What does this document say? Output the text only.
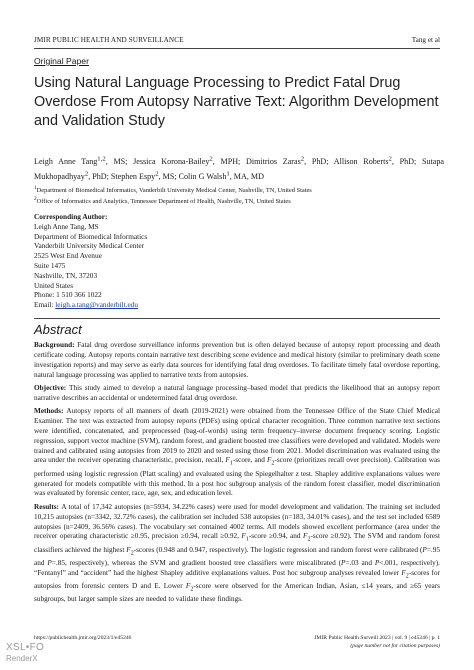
JMIR PUBLIC HEALTH AND SURVEILLANCE	Tang et al
Original Paper
Using Natural Language Processing to Predict Fatal Drug Overdose From Autopsy Narrative Text: Algorithm Development and Validation Study
Leigh Anne Tang$^{1,2}$, MS; Jessica Korona-Bailey$^2$, MPH; Dimitrios Zaras$^2$, PhD; Allison Roberts$^2$, PhD; Sutapa Mukhopadhyay$^2$, PhD; Stephen Espy$^2$, MS; Colin G Walsh$^1$, MA, MD
$^1$Department of Biomedical Informatics, Vanderbilt University Medical Center, Nashville, TN, United States
$^2$Office of Informatics and Analytics, Tennessee Department of Health, Nashville, TN, United States
Corresponding Author:
Leigh Anne Tang, MS
Department of Biomedical Informatics
Vanderbilt University Medical Center
2525 West End Avenue
Suite 1475
Nashville, TN, 37203
United States
Phone: 1 510 366 1022
Email: leigh.a.tang@vanderbilt.edu
Abstract

Background: Fatal drug overdose surveillance informs prevention but is often delayed because of autopsy report processing and death certificate coding. Autopsy reports contain narrative text describing scene evidence and medical history (similar to preliminary death scene investigation reports) and may serve as early data sources for identifying fatal drug overdoses. To facilitate timely fatal overdose reporting, natural language processing was applied to narrative texts from autopsies.

Objective: This study aimed to develop a natural language processing–based model that predicts the likelihood that an autopsy report narrative describes an accidental or undetermined fatal drug overdose.

Methods: Autopsy reports of all manners of death (2019-2021) were obtained from the Tennessee Office of the State Chief Medical Examiner. The text was extracted from autopsy reports (PDFs) using optical character recognition. Three common narrative text sections were identified, concatenated, and preprocessed (bag-of-words) using term frequency–inverse document frequency scoring. Logistic regression, support vector machine (SVM), random forest, and gradient boosted tree classifiers were developed and validated. Models were trained and calibrated using autopsies from 2019 to 2020 and tested using those from 2021. Model discrimination was evaluated using the area under the receiver operating characteristic, precision, recall, $F_1$-score, and $F_2$-score (prioritizes recall over precision). Calibration was performed using logistic regression (Platt scaling) and evaluated using the Spiegelhalter z test. Shapley additive explanations values were generated for models compatible with this method. In a post hoc subgroup analysis of the random forest classifier, model discrimination was evaluated by forensic center, race, age, sex, and education level.

Results: A total of 17,342 autopsies (n=5934, 34.22% cases) were used for model development and validation. The training set included 10,215 autopsies (n=3342, 32.72% cases), the calibration set included 538 autopsies (n=183, 34.01% cases), and the test set included 6589 autopsies (n=2409, 36.56% cases). The vocabulary set contained 4002 terms. All models showed excellent performance (area under the receiver operating characteristic ≥0.95, precision ≥0.94, recall ≥0.92, $F_1$-score ≥0.94, and $F_2$-score ≥0.92). The SVM and random forest classifiers achieved the highest $F_2$-scores (0.948 and 0.947, respectively). The logistic regression and random forest were calibrated (P=.95 and P=.85, respectively), whereas the SVM and gradient boosted tree classifiers were miscalibrated (P=.03 and P<.001, respectively). “Fentanyl” and “accident” had the highest Shapley additive explanations values. Post hoc subgroup analyses revealed lower $F_2$-scores for autopsies from forensic centers D and E. Lower $F_2$-score were observed for the American Indian, Asian, ≤14 years, and ≥65 years subgroups, but larger sample sizes are needed to validate these findings.

https://publichealth.jmir.org/2023/1/e45246	JMIR Public Health Surveill 2023 | vol. 9 | e45246 | p. 1
(page number not for citation purposes)
XSL•FO
RenderX
